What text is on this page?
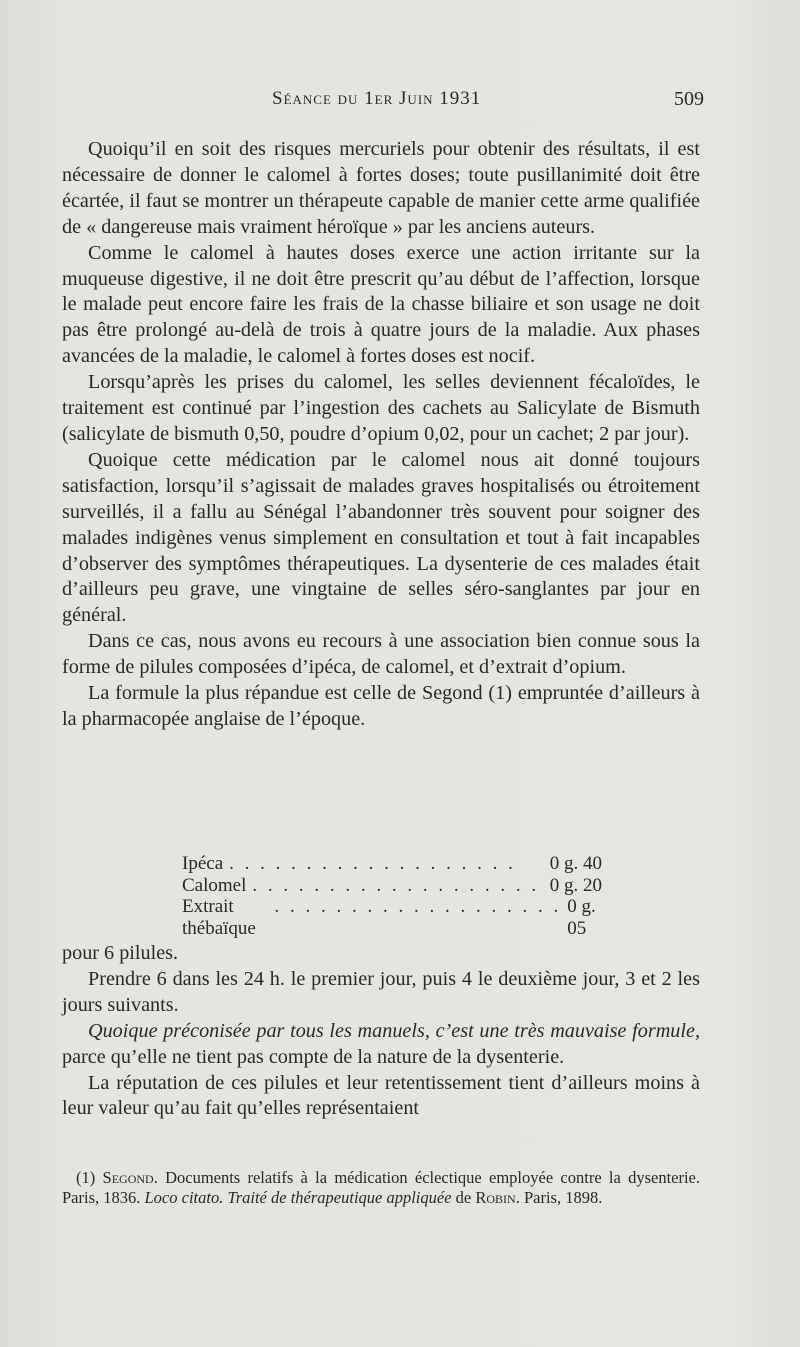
Séance du 1er Juin 1931	509

Quoiqu’il en soit des risques mercuriels pour obtenir des résultats, il est nécessaire de donner le calomel à fortes doses; toute pusillanimité doit être écartée, il faut se montrer un thérapeute capable de manier cette arme qualifiée de « dangereuse mais vraiment héroïque » par les anciens auteurs.

Comme le calomel à hautes doses exerce une action irritante sur la muqueuse digestive, il ne doit être prescrit qu’au début de l’affection, lorsque le malade peut encore faire les frais de la chasse biliaire et son usage ne doit pas être prolongé au-delà de trois à quatre jours de la maladie. Aux phases avancées de la maladie, le calomel à fortes doses est nocif.

Lorsqu’après les prises du calomel, les selles deviennent fécaloïdes, le traitement est continué par l’ingestion des cachets au Salicylate de Bismuth (salicylate de bismuth 0,50, poudre d’opium 0,02, pour un cachet; 2 par jour).

Quoique cette médication par le calomel nous ait donné toujours satisfaction, lorsqu’il s’agissait de malades graves hospitalisés ou étroitement surveillés, il a fallu au Sénégal l’abandonner très souvent pour soigner des malades indigènes venus simplement en consultation et tout à fait incapables d’observer des symptômes thérapeutiques. La dysenterie de ces malades était d’ailleurs peu grave, une vingtaine de selles séro-sanglantes par jour en général.

Dans ce cas, nous avons eu recours à une association bien connue sous la forme de pilules composées d’ipéca, de calomel, et d’extrait d’opium.

La formule la plus répandue est celle de Segond (1) empruntée d’ailleurs à la pharmacopée anglaise de l’époque.

Ipéca . . . . . . . . . . . . . . . . . . .	0 g. 40
Calomel . . . . . . . . . . . . . . . . . . . 0 g. 20
Extrait thébaïque
. . . . . . . . . . . . . . . . . . . 0 g. 05

pour 6 pilules.

Prendre 6 dans les 24 h. le premier jour, puis 4 le deuxième jour, 3 et 2 les jours suivants.

Quoique préconisée par tous les manuels, c’est une très mauvaise formule, parce qu’elle ne tient pas compte de la nature de la dysenterie.

La réputation de ces pilules et leur retentissement tient d’ailleurs moins à leur valeur qu’au fait qu’elles représentaient

(1) Segond. Documents relatifs à la médication éclectique employée contre la dysenterie. Paris, 1836. Loco citato. Traité de thérapeutique appliquée de Robin. Paris, 1898.
